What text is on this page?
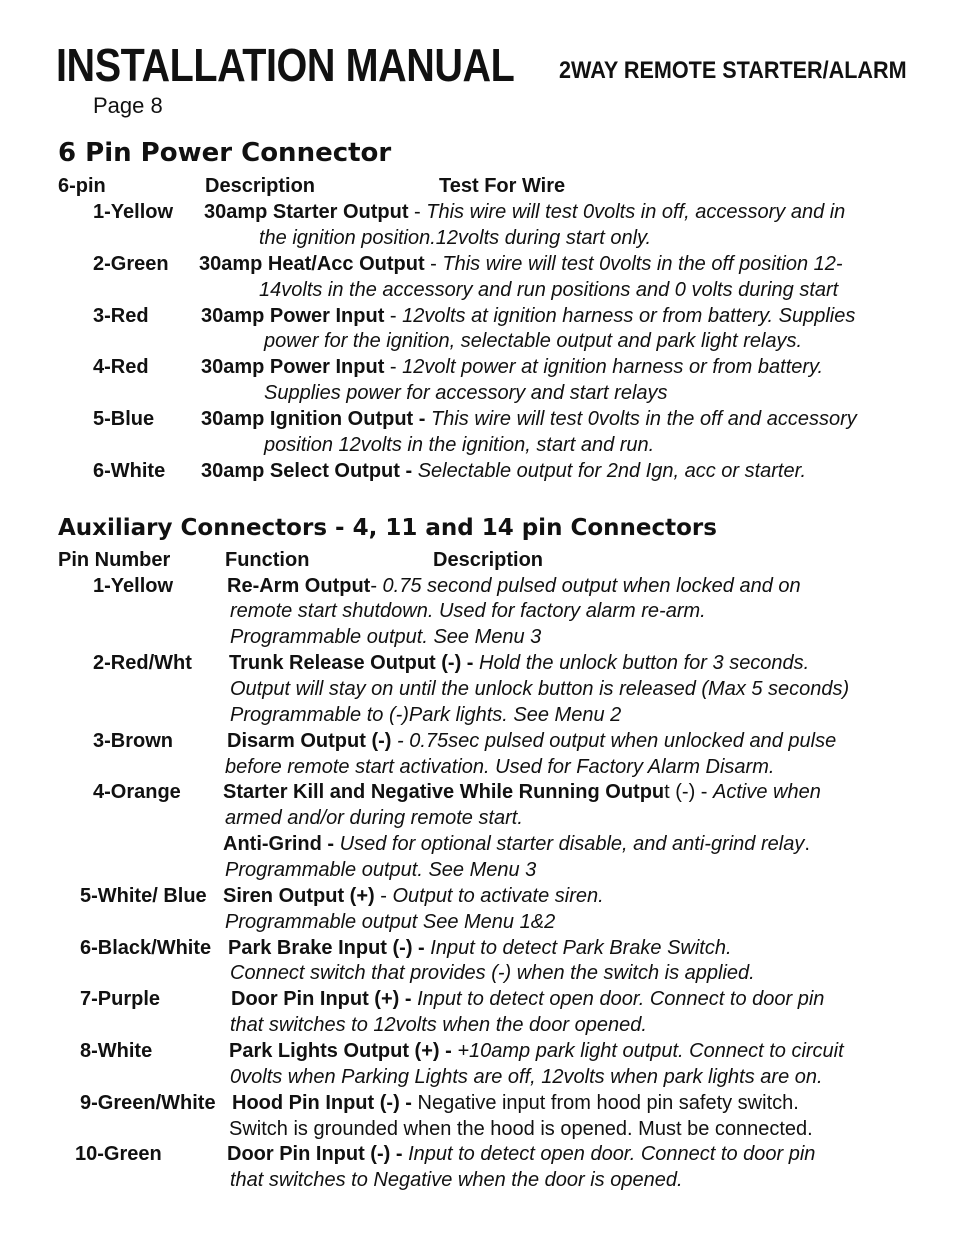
INSTALLATION MANUAL 2WAY REMOTE STARTER/ALARM
Page 8
6 Pin Power Connector
6-pin	Description	Test For Wire
1-Yellow 30amp Starter Output - This wire will test 0volts in off, accessory and in
the ignition position.12volts during start only.
2-Green 30amp Heat/Acc Output - This wire will test 0volts in the off position 12-
14volts in the accessory and run positions and 0 volts during start
3-Red	30amp Power Input - 12volts at ignition harness or from battery. Supplies
power for the ignition, selectable output and park light relays.
4-Red	30amp Power Input - 12volt power at ignition harness or from battery.
Supplies power for accessory and start relays
5-Blue 30amp Ignition Output - This wire will test 0volts in the off and accessory
position 12volts in the ignition, start and run.
6-White 30amp Select Output - Selectable output for 2nd Ign, acc or starter.
Auxiliary Connectors - 4, 11 and 14 pin Connectors
Pin Number	Function	Description
1-Yellow	Re-Arm Output- 0.75 second pulsed output when locked and on
remote start shutdown. Used for factory alarm re-arm.
Programmable output. See Menu 3
2-Red/Wht Trunk Release Output (-) - Hold the unlock button for 3 seconds.
Output will stay on until the unlock button is released (Max 5 seconds)
Programmable to (-)Park lights. See Menu 2
3-Brown	Disarm Output (-) - 0.75sec pulsed output when unlocked and pulse
before remote start activation. Used for Factory Alarm Disarm.
4-Orange Starter Kill and Negative While Running Output (-) - Active when
armed and/or during remote start.
Anti-Grind - Used for optional starter disable, and anti-grind relay.
Programmable output. See Menu 3
5-White/ Blue Siren Output (+) - Output to activate siren.
Programmable output See Menu 1&2
6-Black/White Park Brake Input (-) - Input to detect Park Brake Switch.
Connect switch that provides (-) when the switch is applied.
7-Purple	Door Pin Input (+) - Input to detect open door. Connect to door pin
that switches to 12volts when the door opened.
8-White	Park Lights Output (+) - +10amp park light output. Connect to circuit
0volts when Parking Lights are off, 12volts when park lights are on.
9-Green/White Hood Pin Input (-) - Negative input from hood pin safety switch.
Switch is grounded when the hood is opened. Must be connected.
10-Green	Door Pin Input (-) - Input to detect open door. Connect to door pin
that switches to Negative when the door is opened.
